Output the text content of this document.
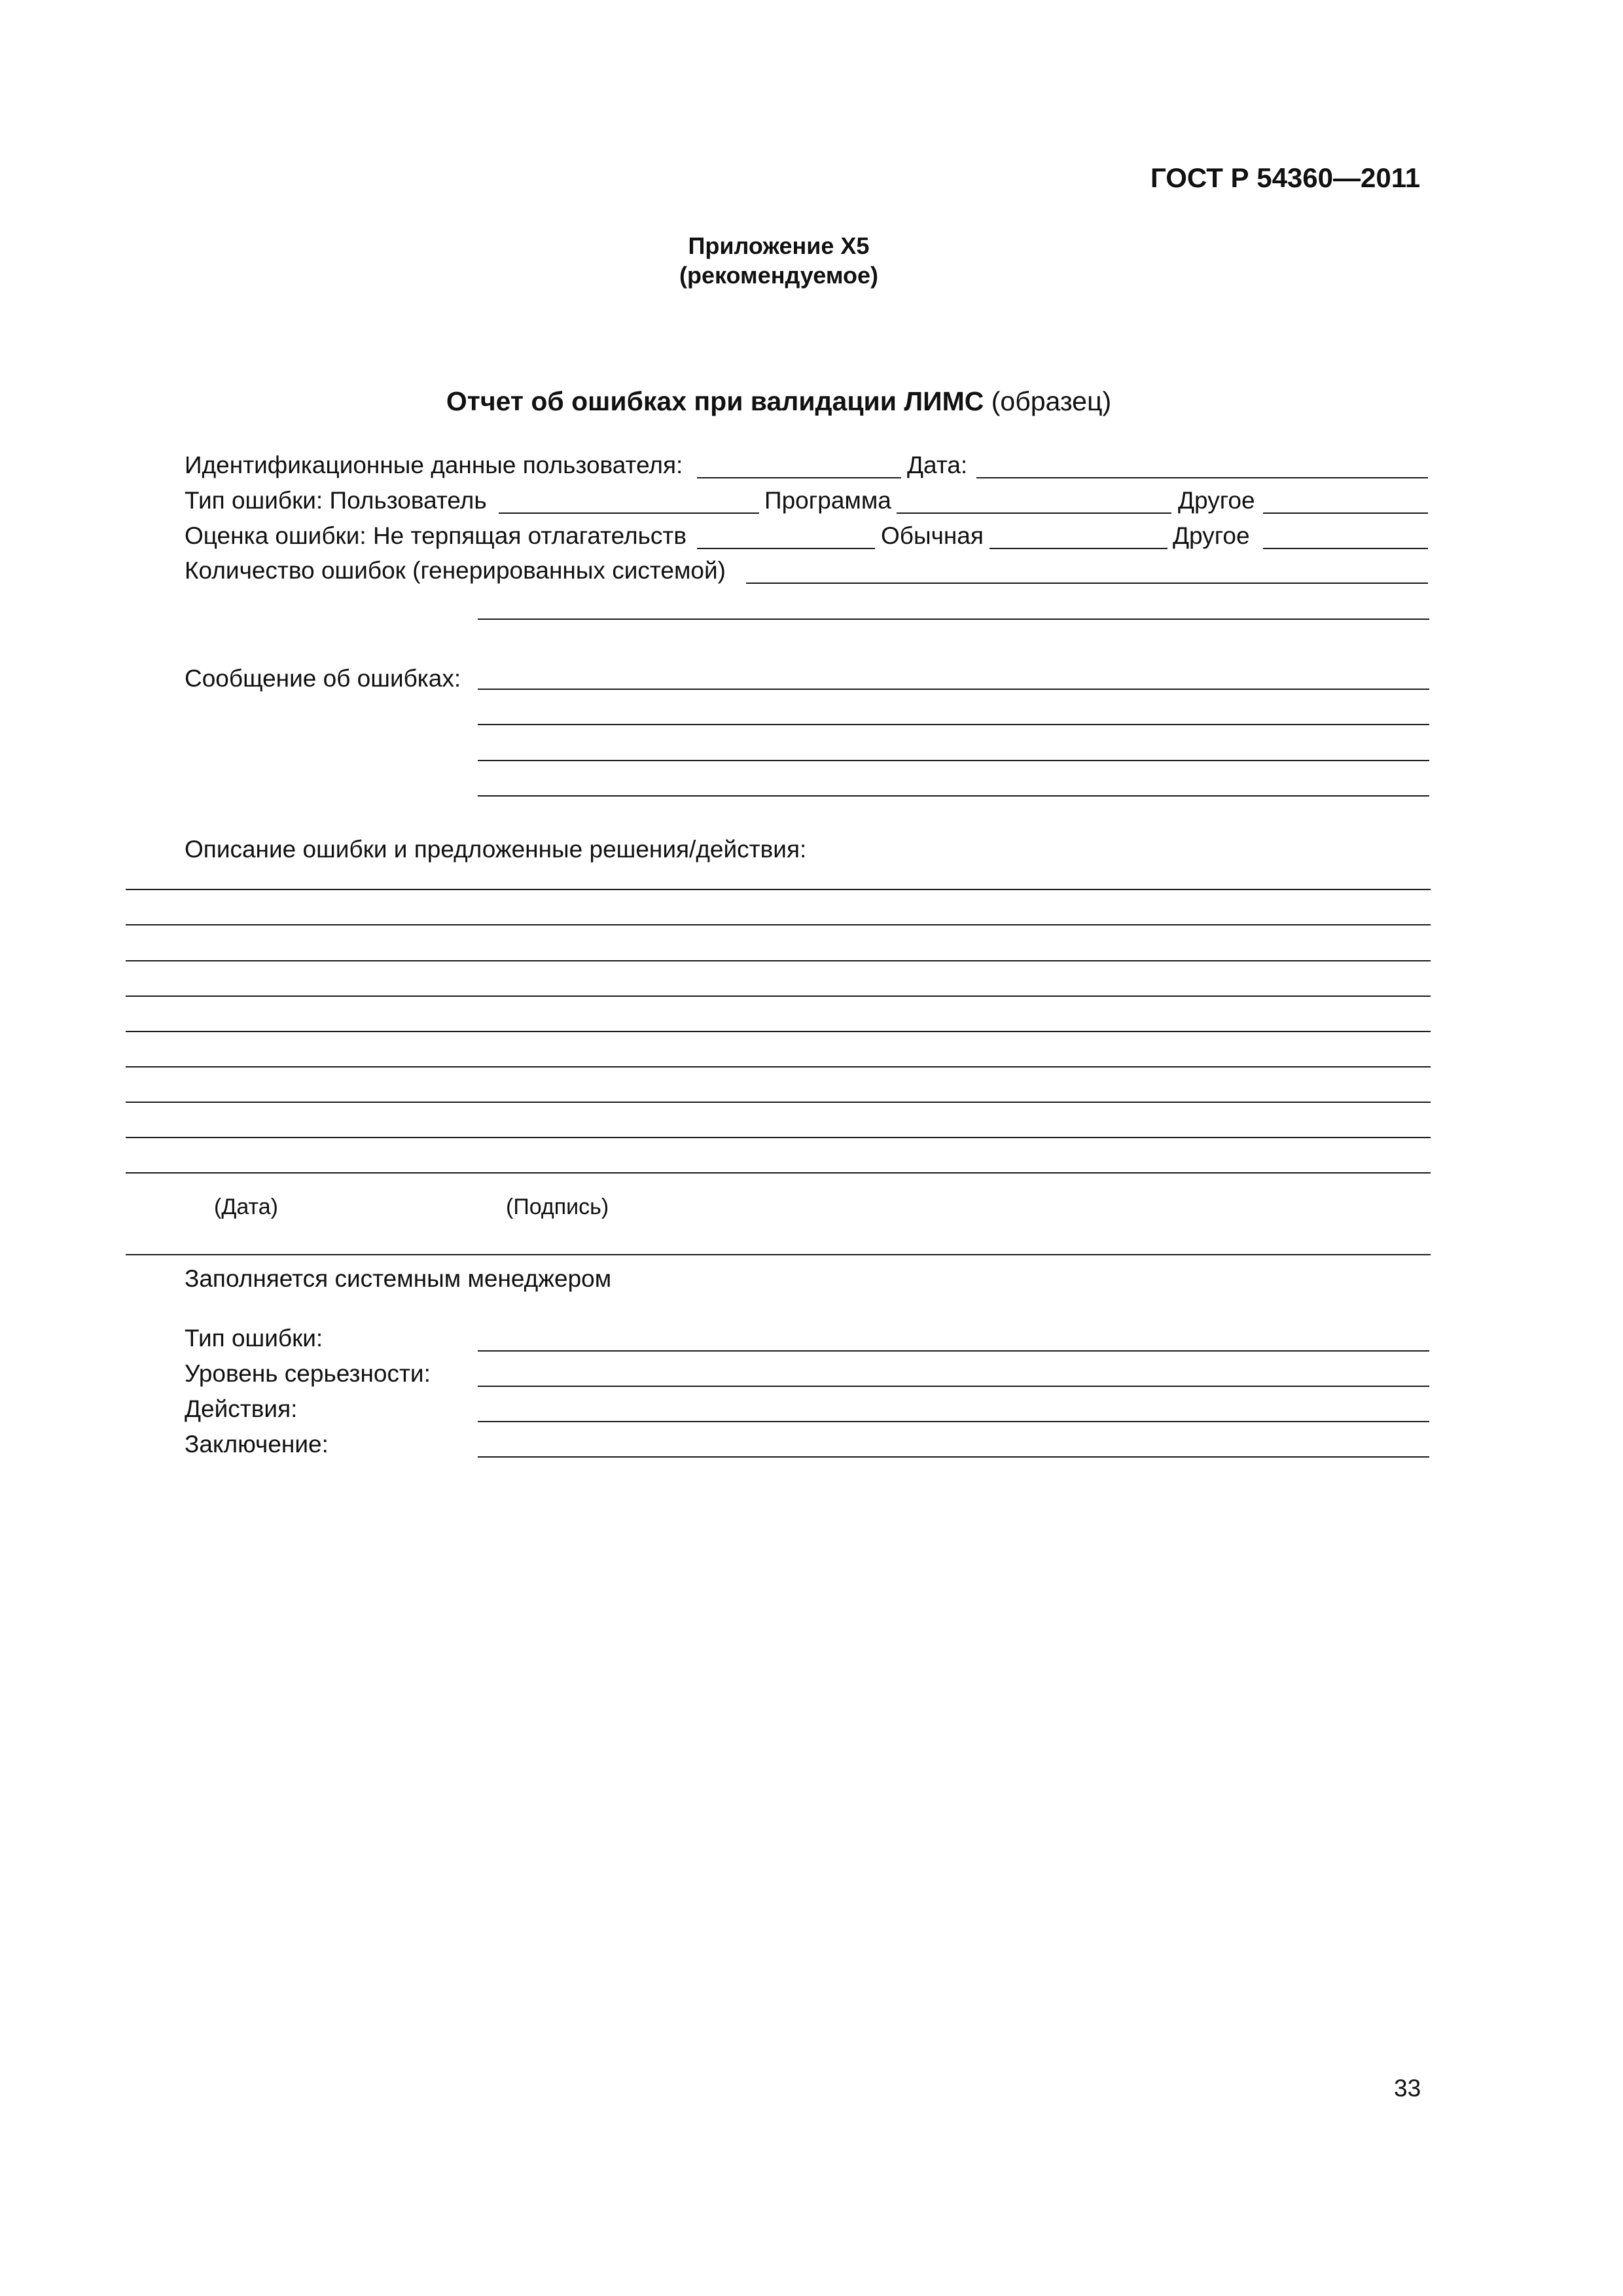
ГОСТ Р 54360—2011
Приложение Х5
(рекомендуемое)
Отчет об ошибках при валидации ЛИМС (образец)
Идентификационные данные пользователя:	Дата:
Тип ошибки: Пользователь	Программа	Другое
Оценка ошибки: Не терпящая отлагательств	Обычная	Другое
Количество ошибок (генерированных системой)
Сообщение об ошибках:
Описание ошибки и предложенные решения/действия:
(Дата)	(Подпись)
Заполняется системным менеджером
Тип ошибки:
Уровень серьезности:
Действия:
Заключение:
33
